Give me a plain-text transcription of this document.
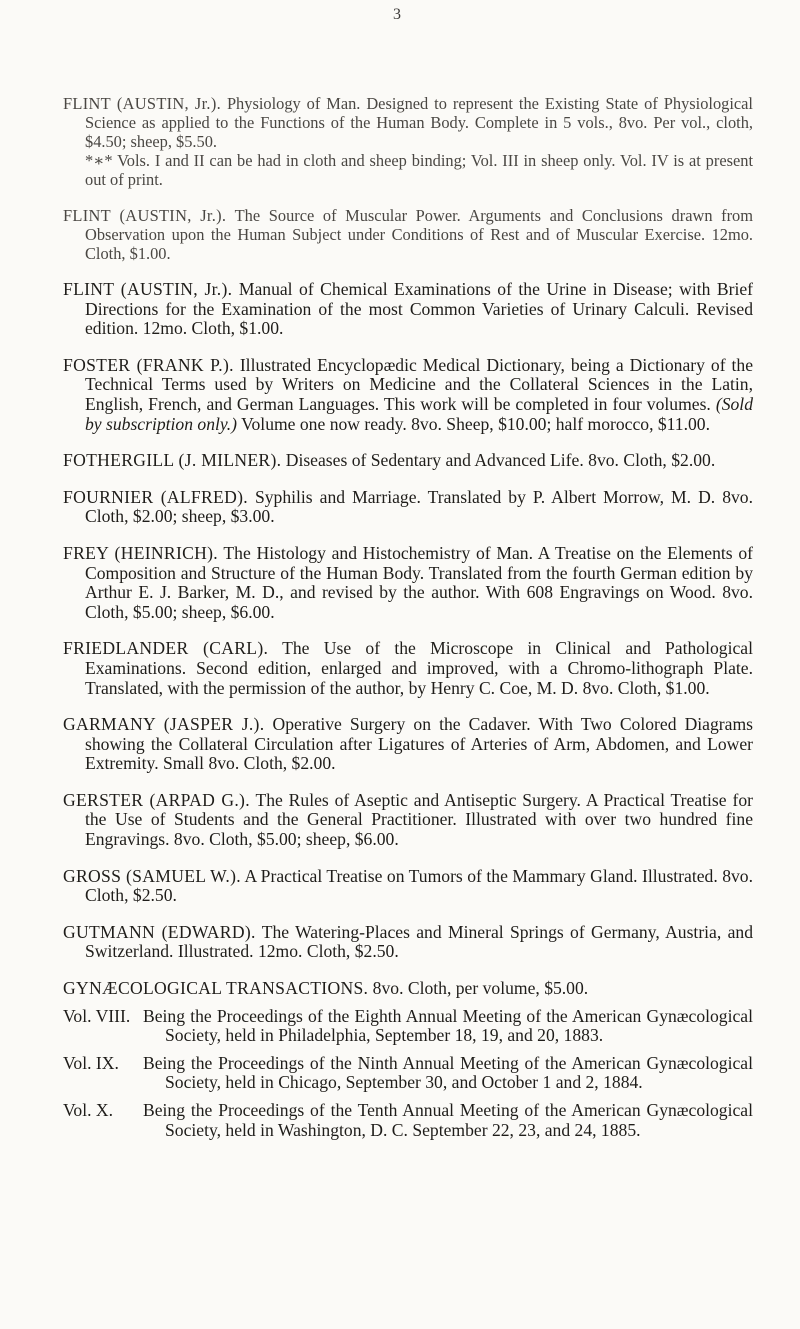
3
FLINT (AUSTIN, Jr.). Physiology of Man. Designed to represent the Existing State of Physiological Science as applied to the Functions of the Human Body. Complete in 5 vols., 8vo. Per vol., cloth, $4.50; sheep, $5.50.
*∗* Vols. I and II can be had in cloth and sheep binding; Vol. III in sheep only. Vol. IV is at present out of print.
FLINT (AUSTIN, Jr.). The Source of Muscular Power. Arguments and Conclusions drawn from Observation upon the Human Subject under Conditions of Rest and of Muscular Exercise. 12mo. Cloth, $1.00.
FLINT (AUSTIN, Jr.). Manual of Chemical Examinations of the Urine in Disease; with Brief Directions for the Examination of the most Common Varieties of Urinary Calculi. Revised edition. 12mo. Cloth, $1.00.
FOSTER (FRANK P.). Illustrated Encyclopædic Medical Dictionary, being a Dictionary of the Technical Terms used by Writers on Medicine and the Collateral Sciences in the Latin, English, French, and German Languages. This work will be completed in four volumes. (Sold by subscription only.) Volume one now ready. 8vo. Sheep, $10.00; half morocco, $11.00.
FOTHERGILL (J. MILNER). Diseases of Sedentary and Advanced Life. 8vo. Cloth, $2.00.
FOURNIER (ALFRED). Syphilis and Marriage. Translated by P. Albert Morrow, M. D. 8vo. Cloth, $2.00; sheep, $3.00.
FREY (HEINRICH). The Histology and Histochemistry of Man. A Treatise on the Elements of Composition and Structure of the Human Body. Translated from the fourth German edition by Arthur E. J. Barker, M. D., and revised by the author. With 608 Engravings on Wood. 8vo. Cloth, $5.00; sheep, $6.00.
FRIEDLANDER (CARL). The Use of the Microscope in Clinical and Pathological Examinations. Second edition, enlarged and improved, with a Chromo-lithograph Plate. Translated, with the permission of the author, by Henry C. Coe, M. D. 8vo. Cloth, $1.00.
GARMANY (JASPER J.). Operative Surgery on the Cadaver. With Two Colored Diagrams showing the Collateral Circulation after Ligatures of Arteries of Arm, Abdomen, and Lower Extremity. Small 8vo. Cloth, $2.00.
GERSTER (ARPAD G.). The Rules of Aseptic and Antiseptic Surgery. A Practical Treatise for the Use of Students and the General Practitioner. Illustrated with over two hundred fine Engravings. 8vo. Cloth, $5.00; sheep, $6.00.
GROSS (SAMUEL W.). A Practical Treatise on Tumors of the Mammary Gland. Illustrated. 8vo. Cloth, $2.50.
GUTMANN (EDWARD). The Watering-Places and Mineral Springs of Germany, Austria, and Switzerland. Illustrated. 12mo. Cloth, $2.50.
GYNÆCOLOGICAL TRANSACTIONS. 8vo. Cloth, per volume, $5.00.
Vol. VIII. Being the Proceedings of the Eighth Annual Meeting of the American Gynæcological Society, held in Philadelphia, September 18, 19, and 20, 1883.
Vol. IX.	Being the Proceedings of the Ninth Annual Meeting of the American Gynæcological Society, held in Chicago, September 30, and October 1 and 2, 1884.
Vol. X.	Being the Proceedings of the Tenth Annual Meeting of the American Gynæcological Society, held in Washington, D. C. September 22, 23, and 24, 1885.
